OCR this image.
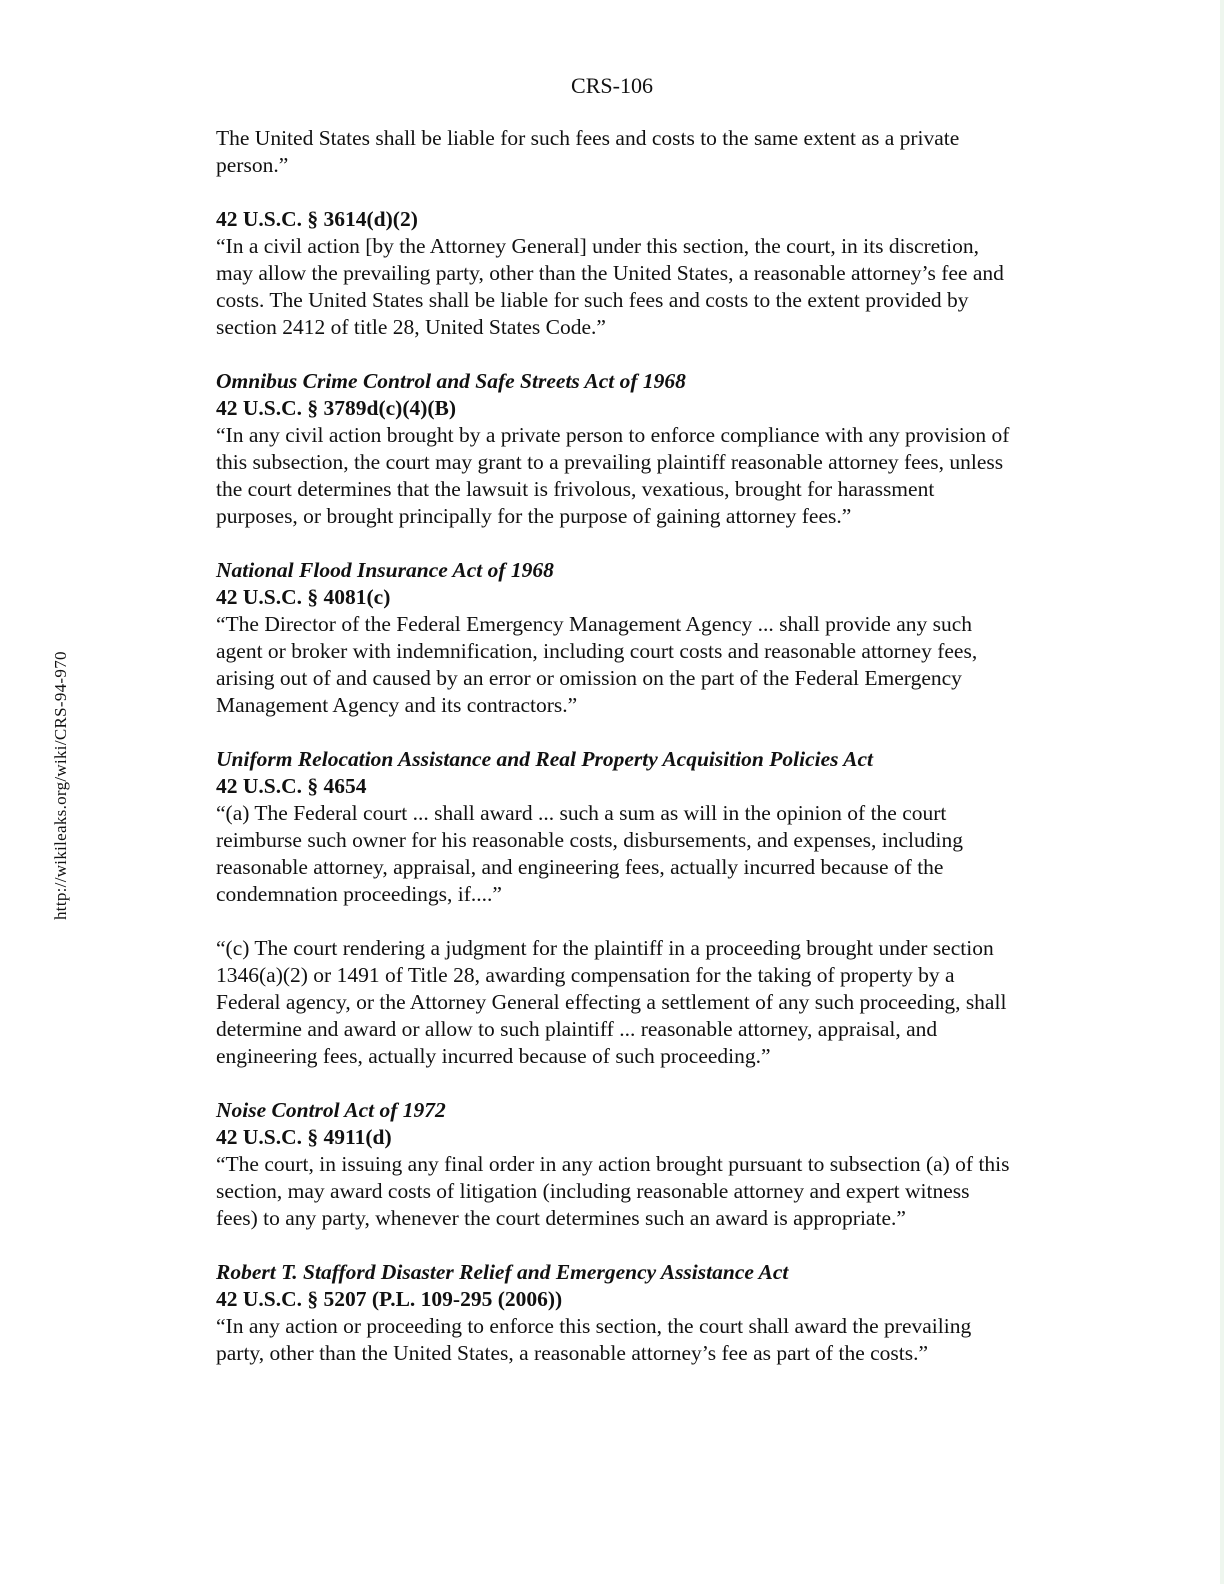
CRS-106
http://wikileaks.org/wiki/CRS-94-970

The United States shall be liable for such fees and costs to the same extent as a private person.”

42 U.S.C. § 3614(d)(2)

“In a civil action [by the Attorney General] under this section, the court, in its discretion, may allow the prevailing party, other than the United States, a reasonable attorney’s fee and costs. The United States shall be liable for such fees and costs to the extent provided by section 2412 of title 28, United States Code.”

Omnibus Crime Control and Safe Streets Act of 1968

42 U.S.C. § 3789d(c)(4)(B)

“In any civil action brought by a private person to enforce compliance with any provision of this subsection, the court may grant to a prevailing plaintiff reasonable attorney fees, unless the court determines that the lawsuit is frivolous, vexatious, brought for harassment purposes, or brought principally for the purpose of gaining attorney fees.”

National Flood Insurance Act of 1968

42 U.S.C. § 4081(c)

“The Director of the Federal Emergency Management Agency ... shall provide any such agent or broker with indemnification, including court costs and reasonable attorney fees, arising out of and caused by an error or omission on the part of the Federal Emergency Management Agency and its contractors.”

Uniform Relocation Assistance and Real Property Acquisition Policies Act

42 U.S.C. § 4654

“(a) The Federal court ... shall award ... such a sum as will in the opinion of the court reimburse such owner for his reasonable costs, disbursements, and expenses, including reasonable attorney, appraisal, and engineering fees, actually incurred because of the condemnation proceedings, if....”

“(c) The court rendering a judgment for the plaintiff in a proceeding brought under section 1346(a)(2) or 1491 of Title 28, awarding compensation for the taking of property by a Federal agency, or the Attorney General effecting a settlement of any such proceeding, shall determine and award or allow to such plaintiff ... reasonable attorney, appraisal, and engineering fees, actually incurred because of such proceeding.”

Noise Control Act of 1972

42 U.S.C. § 4911(d)

“The court, in issuing any final order in any action brought pursuant to subsection (a) of this section, may award costs of litigation (including reasonable attorney and expert witness fees) to any party, whenever the court determines such an award is appropriate.”

Robert T. Stafford Disaster Relief and Emergency Assistance Act

42 U.S.C. § 5207 (P.L. 109-295 (2006))

“In any action or proceeding to enforce this section, the court shall award the prevailing party, other than the United States, a reasonable attorney’s fee as part of the costs.”
